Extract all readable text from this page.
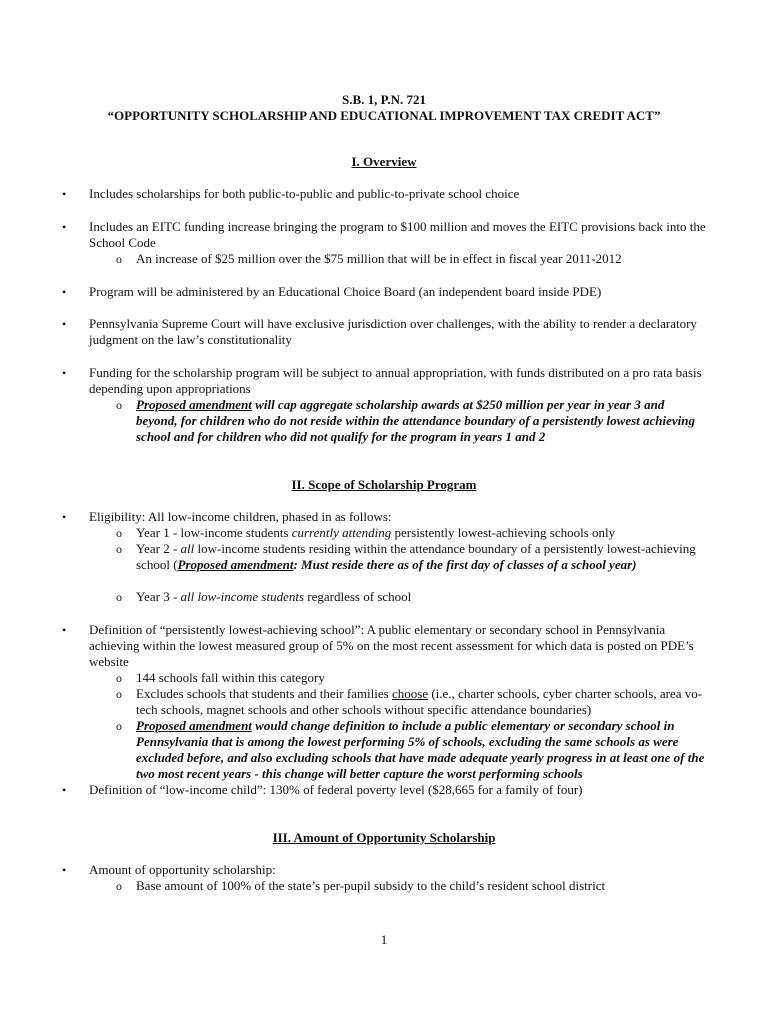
S.B. 1, P.N. 721
“OPPORTUNITY SCHOLARSHIP AND EDUCATIONAL IMPROVEMENT TAX CREDIT ACT”
I. Overview
• Includes scholarships for both public-to-public and public-to-private school choice
• Includes an EITC funding increase bringing the program to $100 million and moves the EITC provisions back into the School Code
o An increase of $25 million over the $75 million that will be in effect in fiscal year 2011-2012
• Program will be administered by an Educational Choice Board (an independent board inside PDE)
• Pennsylvania Supreme Court will have exclusive jurisdiction over challenges, with the ability to render a declaratory judgment on the law’s constitutionality
• Funding for the scholarship program will be subject to annual appropriation, with funds distributed on a pro rata basis depending upon appropriations
o Proposed amendment will cap aggregate scholarship awards at $250 million per year in year 3 and beyond, for children who do not reside within the attendance boundary of a persistently lowest achieving school and for children who did not qualify for the program in years 1 and 2
II. Scope of Scholarship Program
• Eligibility: All low-income children, phased in as follows:
o Year 1 - low-income students currently attending persistently lowest-achieving schools only
o Year 2 - all low-income students residing within the attendance boundary of a persistently lowest-achieving school (Proposed amendment: Must reside there as of the first day of classes of a school year)
o Year 3 - all low-income students regardless of school
• Definition of “persistently lowest-achieving school”: A public elementary or secondary school in Pennsylvania achieving within the lowest measured group of 5% on the most recent assessment for which data is posted on PDE’s website
o 144 schools fall within this category
o Excludes schools that students and their families choose (i.e., charter schools, cyber charter schools, area vo-tech schools, magnet schools and other schools without specific attendance boundaries)
o Proposed amendment would change definition to include a public elementary or secondary school in Pennsylvania that is among the lowest performing 5% of schools, excluding the same schools as were excluded before, and also excluding schools that have made adequate yearly progress in at least one of the two most recent years - this change will better capture the worst performing schools
• Definition of “low-income child”: 130% of federal poverty level ($28,665 for a family of four)
III. Amount of Opportunity Scholarship
• Amount of opportunity scholarship:
o Base amount of 100% of the state’s per-pupil subsidy to the child’s resident school district
1
